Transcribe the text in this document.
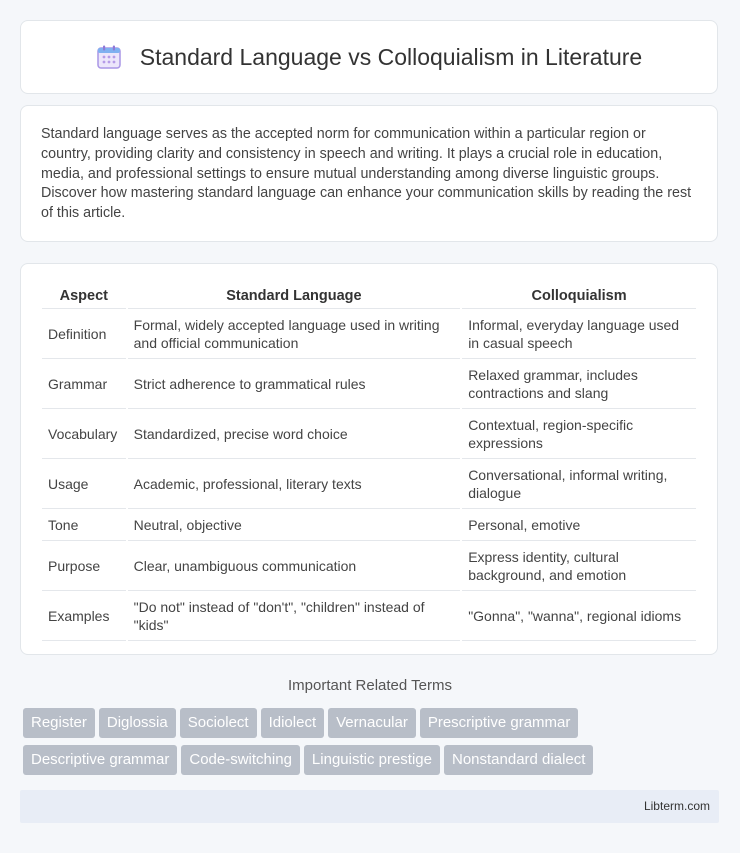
Standard Language vs Colloquialism in Literature

Standard language serves as the accepted norm for communication within a particular region or country, providing clarity and consistency in speech and writing. It plays a crucial role in education, media, and professional settings to ensure mutual understanding among diverse linguistic groups. Discover how mastering standard language can enhance your communication skills by reading the rest of this article.

Aspect	Standard Language	Colloquialism
Definition	Formal, widely accepted language used in writing and official communication	Informal, everyday language used in casual speech
Grammar	Strict adherence to grammatical rules	Relaxed grammar, includes contractions and slang
Vocabulary	Standardized, precise word choice	Contextual, region-specific expressions
Usage	Academic, professional, literary texts	Conversational, informal writing, dialogue
Tone	Neutral, objective	Personal, emotive
Purpose	Clear, unambiguous communication	Express identity, cultural background, and emotion
Examples	"Do not" instead of "don't", "children" instead of "kids"	"Gonna", "wanna", regional idioms
Important Related Terms
Register Diglossia Sociolect Idiolect Vernacular Prescriptive grammarDescriptive grammar Code-switching Linguistic prestige Nonstandard dialect
Libterm.com
